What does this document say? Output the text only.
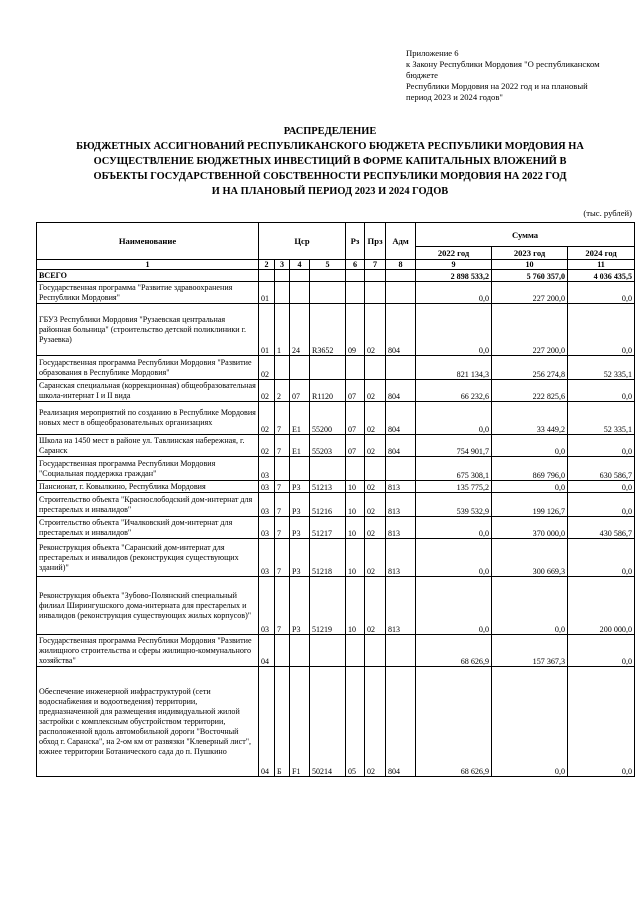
Приложение 6
к Закону Республики Мордовия "О республиканском
бюджете
Республики Мордовия на 2022 год и на плановый
период 2023 и 2024 годов"
РАСПРЕДЕЛЕНИЕ
БЮДЖЕТНЫХ АССИГНОВАНИЙ РЕСПУБЛИКАНСКОГО БЮДЖЕТА РЕСПУБЛИКИ МОРДОВИЯ НА
ОСУЩЕСТВЛЕНИЕ БЮДЖЕТНЫХ ИНВЕСТИЦИЙ В ФОРМЕ КАПИТАЛЬНЫХ ВЛОЖЕНИЙ В
ОБЪЕКТЫ ГОСУДАРСТВЕННОЙ СОБСТВЕННОСТИ РЕСПУБЛИКИ МОРДОВИЯ НА 2022 ГОД
И НА ПЛАНОВЫЙ ПЕРИОД 2023 И 2024 ГОДОВ
(тыс. рублей)
Наименование	Цср				Рз	Прз	Адм	Сумма		
								2022 год	2023 год	2024 год
1	2	3	4	5	6	7	8	9	10	11
ВСЕГО								2 898 533,2	5 760 357,0	4 036 435,5
Государственная программа "Развитие здравоохранения Республики Мордовия"	01							0,0	227 200,0	0,0
ГБУЗ Республики Мордовия "Рузаевская центральная районная больница" (строительство детской поликлиники г. Рузаевка)	01	1	24	R3652	09	02	804	0,0	227 200,0	0,0
Государственная программа Республики Мордовия "Развитие образования в Республике Мордовия"	02							821 134,3	256 274,8	52 335,1
Саранская специальная (коррекционная) общеобразовательная школа-интернат I и II вида	02	2	07	R1120	07	02	804	66 232,6	222 825,6	0,0
Реализация мероприятий по созданию в Республике Мордовия новых мест в общеобразовательных организациях	02	7	E1	55200	07	02	804	0,0	33 449,2	52 335,1
Школа на 1450 мест в районе ул. Тавлинская набережная, г. Саранск	02	7	E1	55203	07	02	804	754 901,7	0,0	0,0
Государственная программа Республики Мордовия "Социальная поддержка граждан"	03							675 308,1	869 796,0	630 586,7
Пансионат, г. Ковылкино, Республика Мордовия	03	7	P3	51213	10	02	813	135 775,2	0,0	0,0
Строительство объекта "Краснослободский дом-интернат для престарелых и инвалидов"	03	7	P3	51216	10	02	813	539 532,9	199 126,7	0,0
Строительство объекта "Ичалковский дом-интернат для престарелых и инвалидов"	03	7	P3	51217	10	02	813	0,0	370 000,0	430 586,7
Реконструкция объекта "Саранский дом-интернат для престарелых и инвалидов (реконструкция существующих зданий)"	03	7	P3	51218	10	02	813	0,0	300 669,3	0,0
Реконструкция объекта "Зубово-Полянский специальный филиал Ширингушского дома-интерната для престарелых и инвалидов (реконструкция существующих жилых корпусов)"	03	7	P3	51219	10	02	813	0,0	0,0	200 000,0
Государственная программа Республики Мордовия "Развитие жилищного строительства и сферы жилищно-коммунального хозяйства"	04							68 626,9	157 367,3	0,0
Обеспечение инженерной инфраструктурой (сети водоснабжения и водоотведения) территории, предназначенной для размещения индивидуальной жилой застройки с комплексным обустройством территории, расположенной вдоль автомобильной дороги "Восточный обход г. Саранска", на 2-ом км от развязки "Клеверный лист", южнее территории Ботанического сада до п. Пушкино	04	Б	F1	50214	05	02	804	68 626,9	0,0	0,0
